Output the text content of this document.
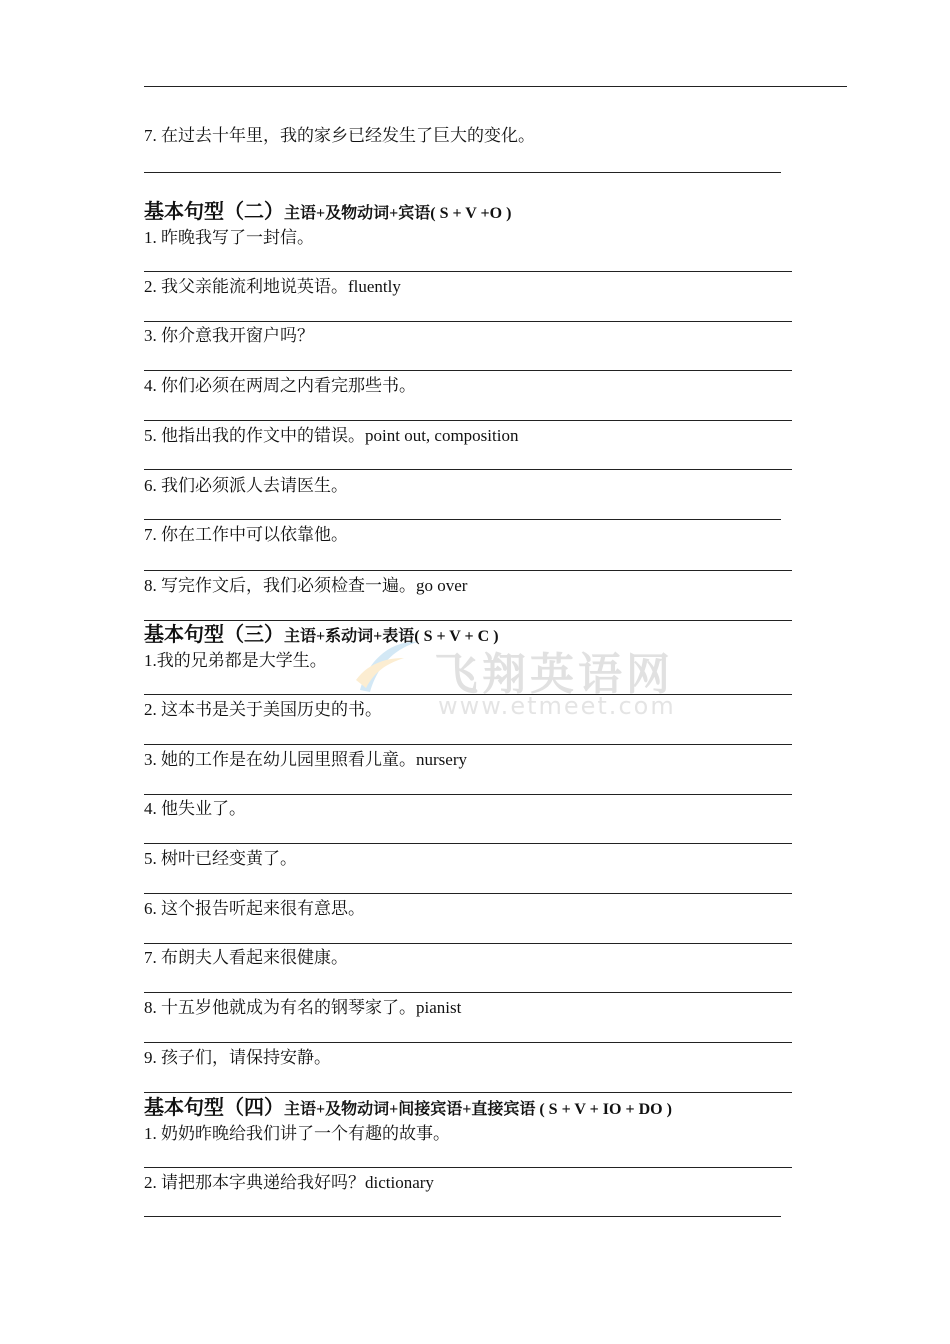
7. 在过去十年里，我的家乡已经发生了巨大的变化。
基本句型（二）主语+及物动词+宾语( S + V +O )
1. 昨晚我写了一封信。
2. 我父亲能流利地说英语。fluently
3. 你介意我开窗户吗？
4. 你们必须在两周之内看完那些书。
5. 他指出我的作文中的错误。point out, composition
6. 我们必须派人去请医生。
7. 你在工作中可以依靠他。
8. 写完作文后，我们必须检查一遍。go over
基本句型（三）主语+系动词+表语( S + V + C )
1.我的兄弟都是大学生。
2. 这本书是关于美国历史的书。
3. 她的工作是在幼儿园里照看儿童。nursery
4. 他失业了。
5. 树叶已经变黄了。
6. 这个报告听起来很有意思。
7. 布朗夫人看起来很健康。
8. 十五岁他就成为有名的钢琴家了。pianist
9. 孩子们，请保持安静。
基本句型（四）主语+及物动词+间接宾语+直接宾语 ( S + V + IO + DO )
1. 奶奶昨晚给我们讲了一个有趣的故事。
2. 请把那本字典递给我好吗？dictionary
飞翔英语网
www.etmeet.com
